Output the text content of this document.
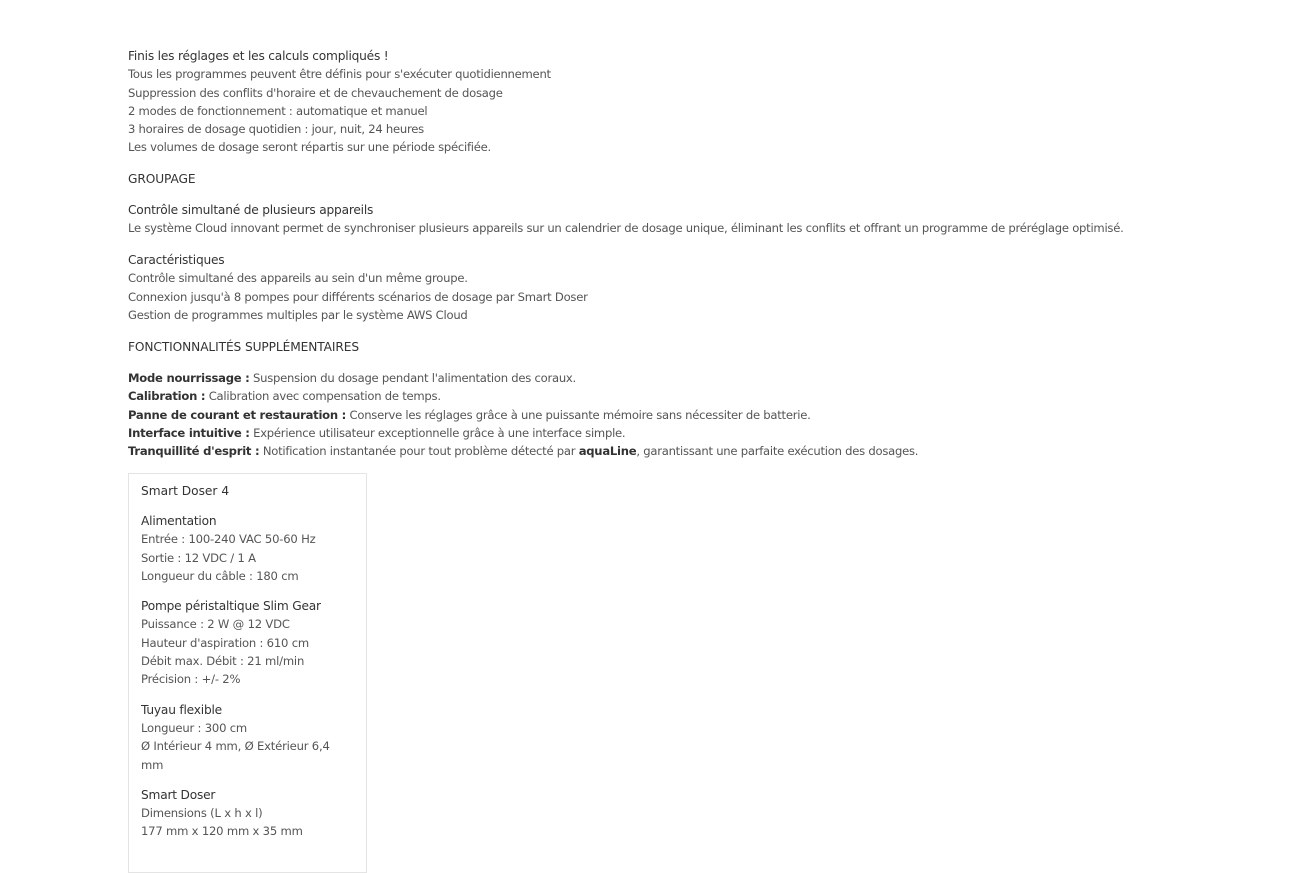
Finis les réglages et les calculs compliqués !
Tous les programmes peuvent être définis pour s'exécuter quotidiennement
Suppression des conflits d'horaire et de chevauchement de dosage
2 modes de fonctionnement : automatique et manuel
3 horaires de dosage quotidien : jour, nuit, 24 heures
Les volumes de dosage seront répartis sur une période spécifiée.
GROUPAGE
Contrôle simultané de plusieurs appareils
Le système Cloud innovant permet de synchroniser plusieurs appareils sur un calendrier de dosage unique, éliminant les conflits et offrant un programme de préréglage optimisé.
Caractéristiques
Contrôle simultané des appareils au sein d'un même groupe.
Connexion jusqu'à 8 pompes pour différents scénarios de dosage par Smart Doser
Gestion de programmes multiples par le système AWS Cloud
FONCTIONNALITÉS SUPPLÉMENTAIRES
Mode nourrissage : Suspension du dosage pendant l'alimentation des coraux.
Calibration : Calibration avec compensation de temps.
Panne de courant et restauration : Conserve les réglages grâce à une puissante mémoire sans nécessiter de batterie.
Interface intuitive : Expérience utilisateur exceptionnelle grâce à une interface simple.
Tranquillité d'esprit : Notification instantanée pour tout problème détecté par aquaLine, garantissant une parfaite exécution des dosages.
Smart Doser 4
Alimentation
Entrée : 100-240 VAC 50-60 Hz
Sortie : 12 VDC / 1 A
Longueur du câble : 180 cm
Pompe péristaltique Slim Gear
Puissance : 2 W @ 12 VDC
Hauteur d'aspiration : 610 cm
Débit max. Débit : 21 ml/min
Précision : +/- 2%
Tuyau flexible
Longueur : 300 cm
Ø Intérieur 4 mm, Ø Extérieur 6,4 mm
Smart Doser
Dimensions (L x h x l)
177 mm x 120 mm x 35 mm
